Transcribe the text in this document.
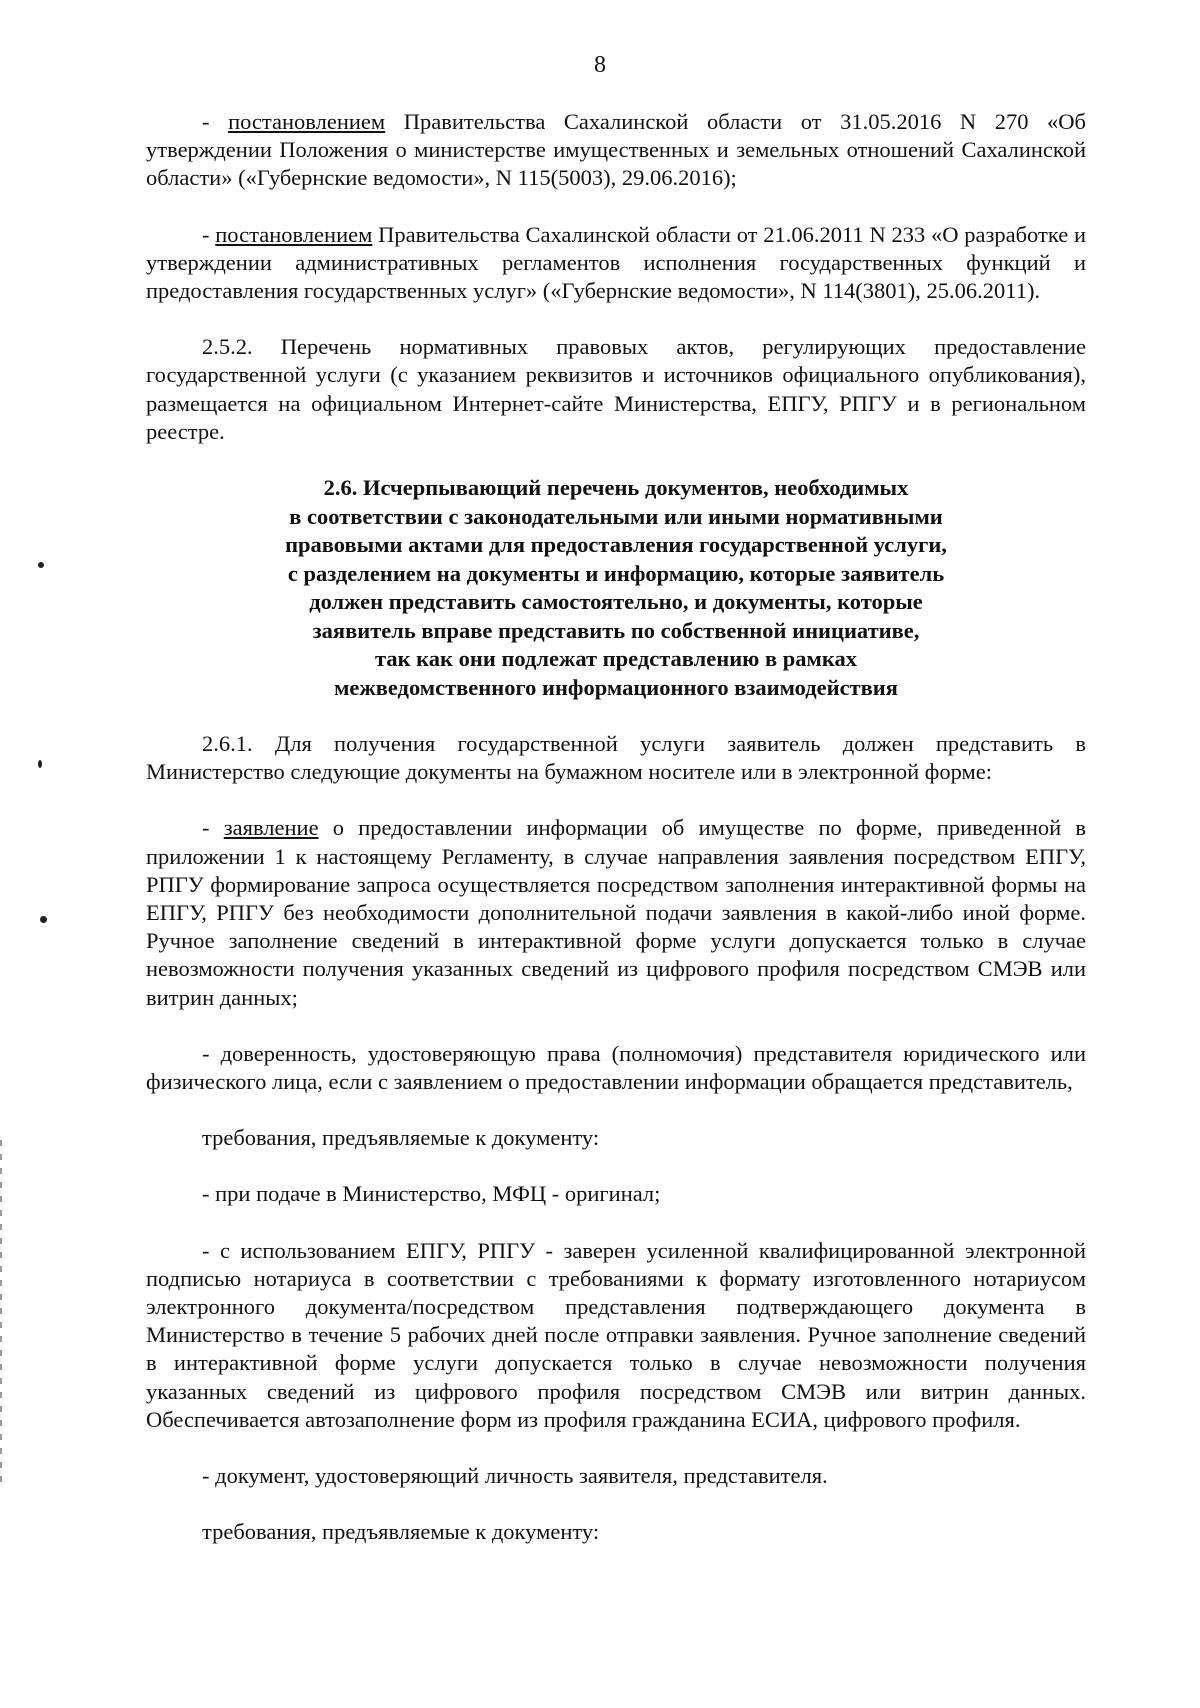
8

- постановлением Правительства Сахалинской области от 31.05.2016 N 270 «Об утверждении Положения о министерстве имущественных и земельных отношений Сахалинской области» («Губернские ведомости», N 115(5003), 29.06.2016);

- постановлением Правительства Сахалинской области от 21.06.2011 N 233 «О разработке и утверждении административных регламентов исполнения государственных функций и предоставления государственных услуг» («Губернские ведомости», N 114(3801), 25.06.2011).

2.5.2. Перечень нормативных правовых актов, регулирующих предоставление государственной услуги (с указанием реквизитов и источников официального опубликования), размещается на официальном Интернет-сайте Министерства, ЕПГУ, РПГУ и в региональном реестре.

2.6. Исчерпывающий перечень документов, необходимых
в соответствии с законодательными или иными нормативными
правовыми актами для предоставления государственной услуги,
с разделением на документы и информацию, которые заявитель
должен представить самостоятельно, и документы, которые
заявитель вправе представить по собственной инициативе,
так как они подлежат представлению в рамках
межведомственного информационного взаимодействия

2.6.1. Для получения государственной услуги заявитель должен представить в Министерство следующие документы на бумажном носителе или в электронной форме:

- заявление о предоставлении информации об имуществе по форме, приведенной в приложении 1 к настоящему Регламенту, в случае направления заявления посредством ЕПГУ, РПГУ формирование запроса осуществляется посредством заполнения интерактивной формы на ЕПГУ, РПГУ без необходимости дополнительной подачи заявления в какой-либо иной форме. Ручное заполнение сведений в интерактивной форме услуги допускается только в случае невозможности получения указанных сведений из цифрового профиля посредством СМЭВ или витрин данных;

- доверенность, удостоверяющую права (полномочия) представителя юридического или физического лица, если с заявлением о предоставлении информации обращается представитель,

требования, предъявляемые к документу:

- при подаче в Министерство, МФЦ - оригинал;

- с использованием ЕПГУ, РПГУ - заверен усиленной квалифицированной электронной подписью нотариуса в соответствии с требованиями к формату изготовленного нотариусом электронного документа/посредством представления подтверждающего документа в Министерство в течение 5 рабочих дней после отправки заявления. Ручное заполнение сведений в интерактивной форме услуги допускается только в случае невозможности получения указанных сведений из цифрового профиля посредством СМЭВ или витрин данных. Обеспечивается автозаполнение форм из профиля гражданина ЕСИА, цифрового профиля.

- документ, удостоверяющий личность заявителя, представителя.

требования, предъявляемые к документу:
